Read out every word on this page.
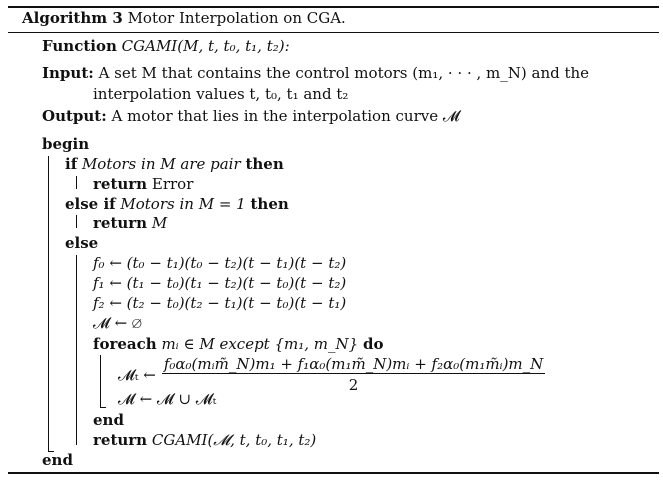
Algorithm 3 Motor Interpolation on CGA.
Function CGAMI(M, t, t₀, t₁, t₂):
Input: A set M that contains the control motors (m₁, · · · , m_N) and the
interpolation values t, t₀, t₁ and t₂
Output: A motor that lies in the interpolation curve 𝓜
begin
if Motors in M are pair then
return Error
else if Motors in M = 1 then
return M
else
f₀ ← (t₀ − t₁)(t₀ − t₂)(t − t₁)(t − t₂)
f₁ ← (t₁ − t₀)(t₁ − t₂)(t − t₀)(t − t₂)
f₂ ← (t₂ − t₀)(t₂ − t₁)(t − t₀)(t − t₁)
𝓜 ← ∅
foreach mᵢ ∈ M except {m₁, m_N} do
𝓜ₜ ← $\frac{\text{f₀α₀(mᵢm̃\_N)m₁ + f₁α₀(m₁m̃\_N)mᵢ + f₂α₀(m₁m̃ᵢ)m\_N}}{2}$
𝓜 ← 𝓜 ∪ 𝓜ₜ
end
return CGAMI(𝓜, t, t₀, t₁, t₂)
end
